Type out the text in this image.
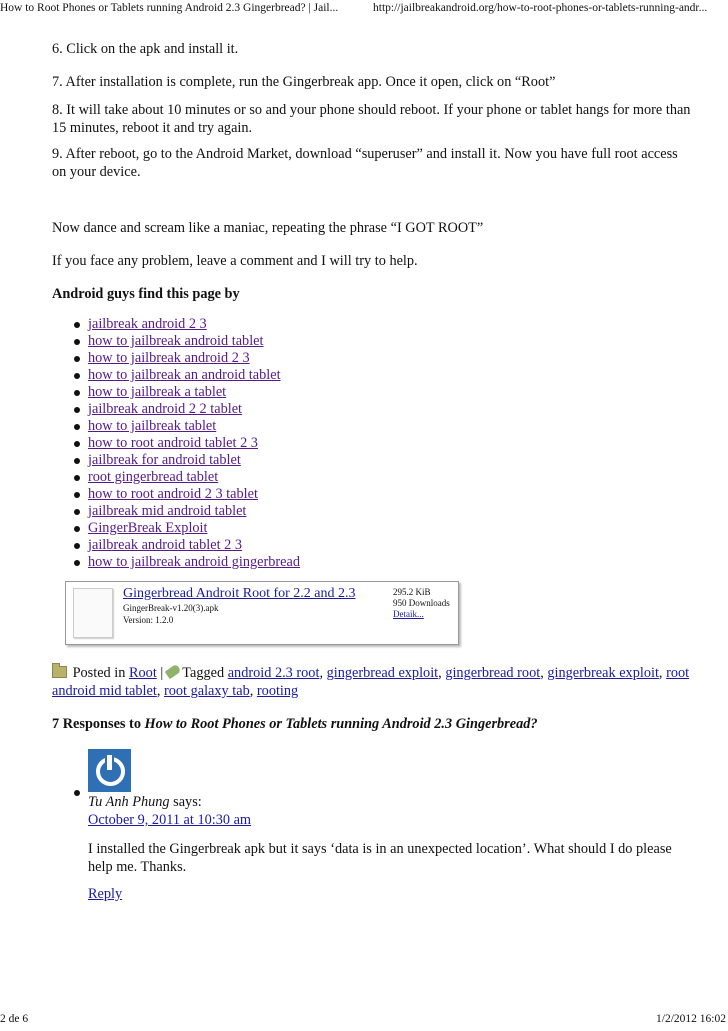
How to Root Phones or Tablets running Android 2.3 Gingerbread? | Jail...	http://jailbreakandroid.org/how-to-root-phones-or-tablets-running-andr...

6. Click on the apk and install it.

7. After installation is complete, run the Gingerbreak app. Once it open, click on “Root”

8. It will take about 10 minutes or so and your phone should reboot. If your phone or tablet hangs for more than 15 minutes, reboot it and try again.

9. After reboot, go to the Android Market, download “superuser” and install it. Now you have full root access on your device.

Now dance and scream like a maniac, repeating the phrase “I GOT ROOT”

If you face any problem, leave a comment and I will try to help.

Android guys find this page by

jailbreak android 2 3
how to jailbreak android tablet
how to jailbreak android 2 3
how to jailbreak an android tablet
how to jailbreak a tablet
jailbreak android 2 2 tablet
how to jailbreak tablet
how to root android tablet 2 3
jailbreak for android tablet
root gingerbread tablet
how to root android 2 3 tablet
jailbreak mid android tablet
GingerBreak Exploit
jailbreak android tablet 2 3
how to jailbreak android gingerbread
Gingerbread Androit Root for 2.2 and 2.3
GingerBreak-v1.20(3).apk
Version: 1.2.0
295.2 KiB
950 Downloads
Detaik...

Posted in Root | Tagged android 2.3 root, gingerbread exploit, gingerbread root, gingerbreak exploit, root android mid tablet, root galaxy tab, rooting

7 Responses to How to Root Phones or Tablets running Android 2.3 Gingerbread?

Tu Anh Phung says:

October 9, 2011 at 10:30 am

I installed the Gingerbreak apk but it says ‘data is in an unexpected location’. What should I do please help me. Thanks.

Reply

2 de 6	1/2/2012 16:02
